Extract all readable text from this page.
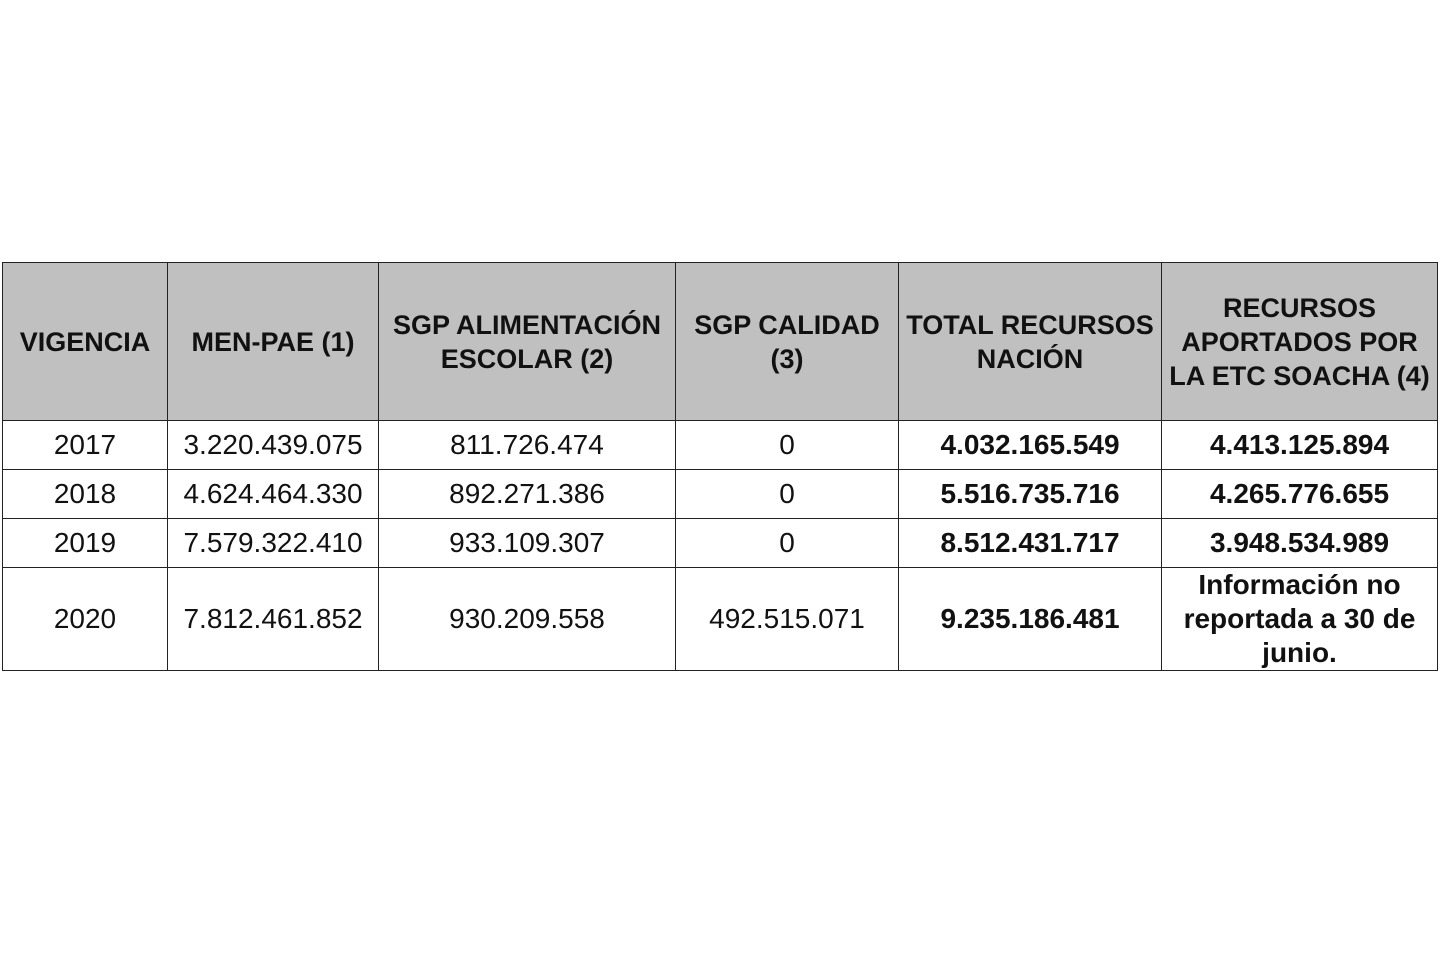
VIGENCIA	MEN-PAE (1)	SGP ALIMENTACIÓN ESCOLAR (2)	SGP CALIDAD (3)	TOTAL RECURSOS NACIÓN	RECURSOS APORTADOS POR LA ETC SOACHA (4)
2017	3.220.439.075	811.726.474	0	4.032.165.549	4.413.125.894
2018	4.624.464.330	892.271.386	0	5.516.735.716	4.265.776.655
2019	7.579.322.410	933.109.307	0	8.512.431.717	3.948.534.989
2020	7.812.461.852	930.209.558	492.515.071	9.235.186.481	Información no reportada a 30 de junio.
